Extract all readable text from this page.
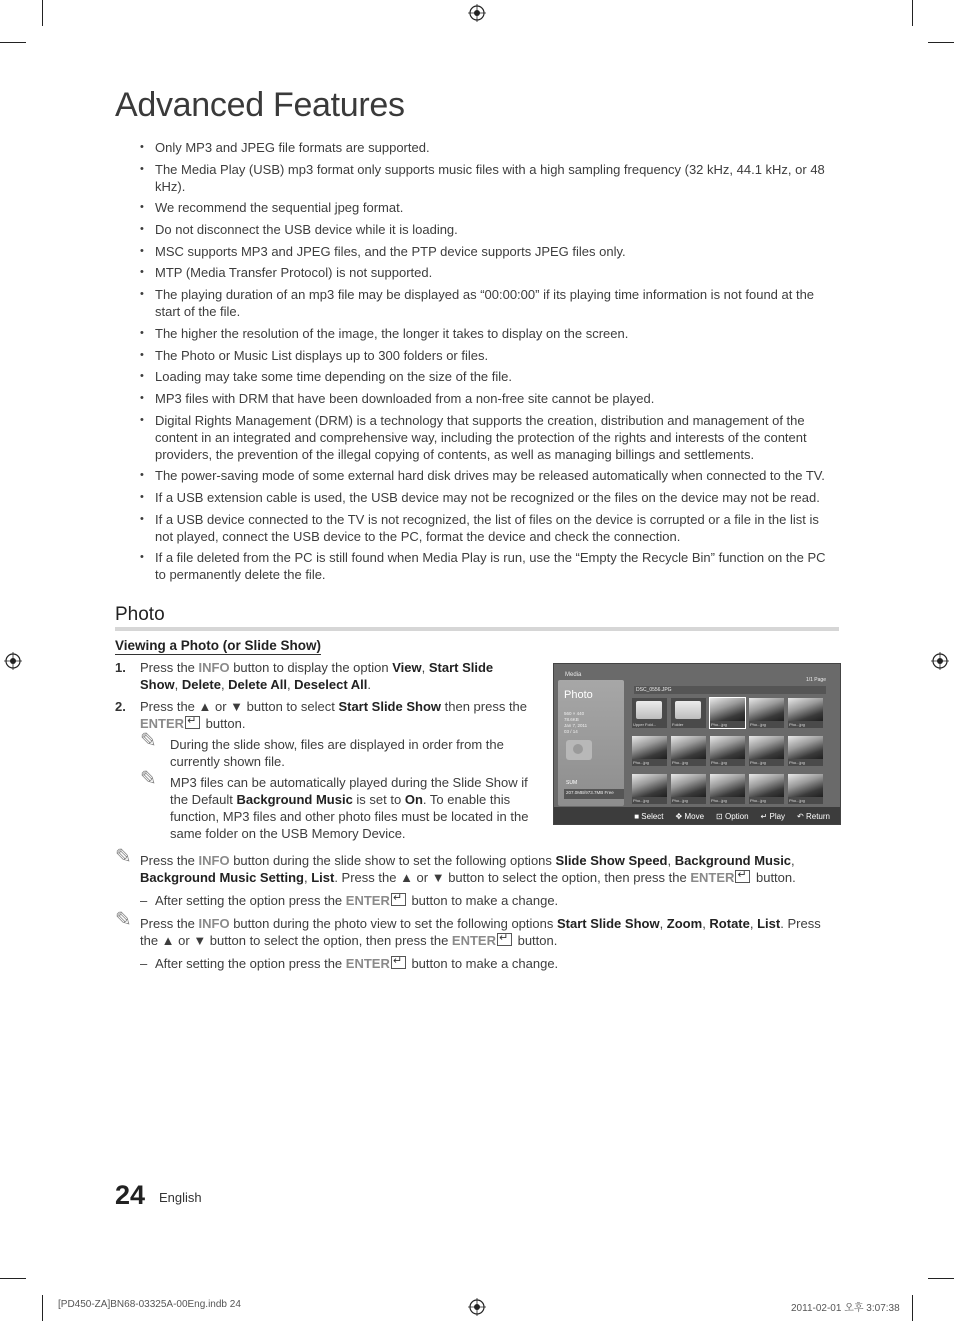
Advanced Features
• Only MP3 and JPEG file formats are supported.
• The Media Play (USB) mp3 format only supports music files with a high sampling frequency (32 kHz, 44.1 kHz, or 48 kHz).
• We recommend the sequential jpeg format.
• Do not disconnect the USB device while it is loading.
• MSC supports MP3 and JPEG files, and the PTP device supports JPEG files only.
• MTP (Media Transfer Protocol) is not supported.
• The playing duration of an mp3 file may be displayed as “00:00:00” if its playing time information is not found at the start of the file.
• The higher the resolution of the image, the longer it takes to display on the screen.
• The Photo or Music List displays up to 300 folders or files.
• Loading may take some time depending on the size of the file.
• MP3 files with DRM that have been downloaded from a non-free site cannot be played.
• Digital Rights Management (DRM) is a technology that supports the creation, distribution and management of the content in an integrated and comprehensive way, including the protection of the rights and interests of the content providers, the prevention of the illegal copying of contents, as well as managing billings and settlements.
• The power-saving mode of some external hard disk drives may be released automatically when connected to the TV.
• If a USB extension cable is used, the USB device may not be recognized or the files on the device may not be read.
• If a USB device connected to the TV is not recognized, the list of files on the device is corrupted or a file in the list is not played, connect the USB device to the PC, format the device and check the connection.
• If a file deleted from the PC is still found when Media Play is run, use the “Empty the Recycle Bin” function on the PC to permanently delete the file.
Photo
Viewing a Photo (or Slide Show)
1. Press the INFO button to display the option View, Start Slide Show, Delete, Delete All, Deselect All.
2. Press the ▲ or ▼ button to select Start Slide Show then press the ENTER↵ button.
✎ During the slide show, files are displayed in order from the currently shown file.
✎ MP3 files can be automatically played during the Slide Show if the Default Background Music is set to On. To enable this function, MP3 files and other photo files must be located in the same folder on the USB Memory Device.
Media
Photo
560 × 440
78.6KB
Jan 7, 2011
03 / 14
SUM
207.0MB/973.7MB Free
1/1 Page
DSC_0556.JPG
Upper Fold...	Folder	Pho...jpg	Pho...jpg	Pho...jpg
Pho...jpg	Pho...jpg	Pho...jpg	Pho...jpg	Pho...jpg
Pho...jpg	Pho...jpg	Pho...jpg	Pho...jpg	Pho...jpg
■ Select ✥ Move ⊡ Option ↵ Play ↶ Return
✎ Press the INFO button during the slide show to set the following options Slide Show Speed, Background Music, Background Music Setting, List. Press the ▲ or ▼ button to select the option, then press the ENTER↵ button.
– After setting the option press the ENTER↵ button to make a change.
✎ Press the INFO button during the photo view to set the following options Start Slide Show, Zoom, Rotate, List. Press the ▲ or ▼ button to select the option, then press the ENTER↵ button.
– After setting the option press the ENTER↵ button to make a change.
24 English
[PD450-ZA]BN68-03325A-00Eng.indb 24	2011-02-01 오후 3:07:38
